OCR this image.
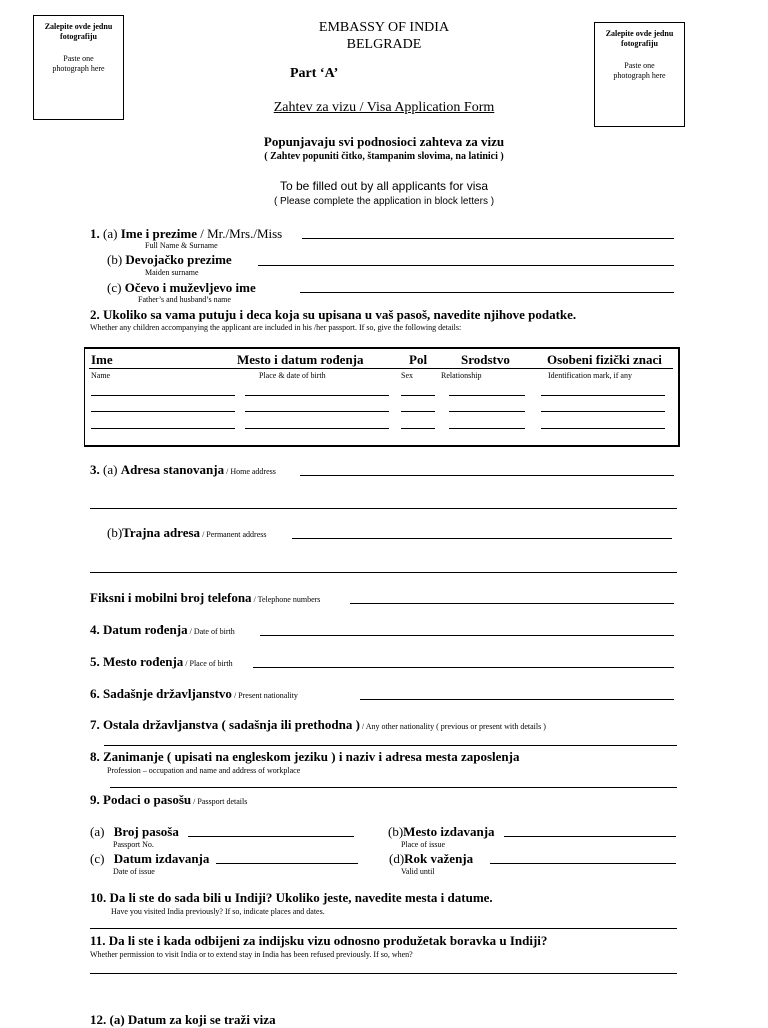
Zalepite ovde jednu fotografiju
Paste one photograph here
Zalepite ovde jednu fotografiju
Paste one photograph here
EMBASSY OF INDIA
BELGRADE
Part ‘A’
Zahtev za vizu / Visa Application Form
Popunjavaju svi podnosioci zahteva za vizu
( Zahtev popuniti čitko, štampanim slovima, na latinici )
To be filled out by all applicants for visa
( Please complete the application in block letters )
1. (a) Ime i prezime / Mr./Mrs./Miss
Full Name & Surname
(b) Devojačko prezime
Maiden surname
(c) Očevo i muževljevo ime
Father’s and husband’s name
2. Ukoliko sa vama putuju i deca koja su upisana u vaš pasoš, navedite njihove podatke.
Whether any children accompanying the applicant are included in his /her passport. If so, give the following details:
Ime	Mesto i datum rođenja	Pol	Srodstvo	Osobeni fizički znaci
Name	Place & date of birth	Sex	Relationship	Identification mark, if any
3. (a) Adresa stanovanja / Home address
(b)Trajna adresa / Permanent address
Fiksni i mobilni broj telefona / Telephone numbers
4. Datum rođenja / Date of birth
5. Mesto rođenja / Place of birth
6. Sadašnje državljanstvo / Present nationality
7. Ostala državljanstva ( sadašnja ili prethodna ) / Any other nationality ( previous or present with details )
8. Zanimanje ( upisati na engleskom jeziku ) i naziv i adresa mesta zaposlenja
Profession – occupation and name and address of workplace
9. Podaci o pasošu / Passport details
(a) Broj pasoša
Passport No.
(b)Mesto izdavanja
Place of issue
(c) Datum izdavanja
Date of issue
(d)Rok važenja
Valid until
10. Da li ste do sada bili u Indiji? Ukoliko jeste, navedite mesta i datume.
Have you visited India previously? If so, indicate places and dates.
11. Da li ste i kada odbijeni za indijsku vizu odnosno produžetak boravka u Indiji?
Whether permission to visit India or to extend stay in India has been refused previously. If so, when?
12. (a) Datum za koji se traži viza
